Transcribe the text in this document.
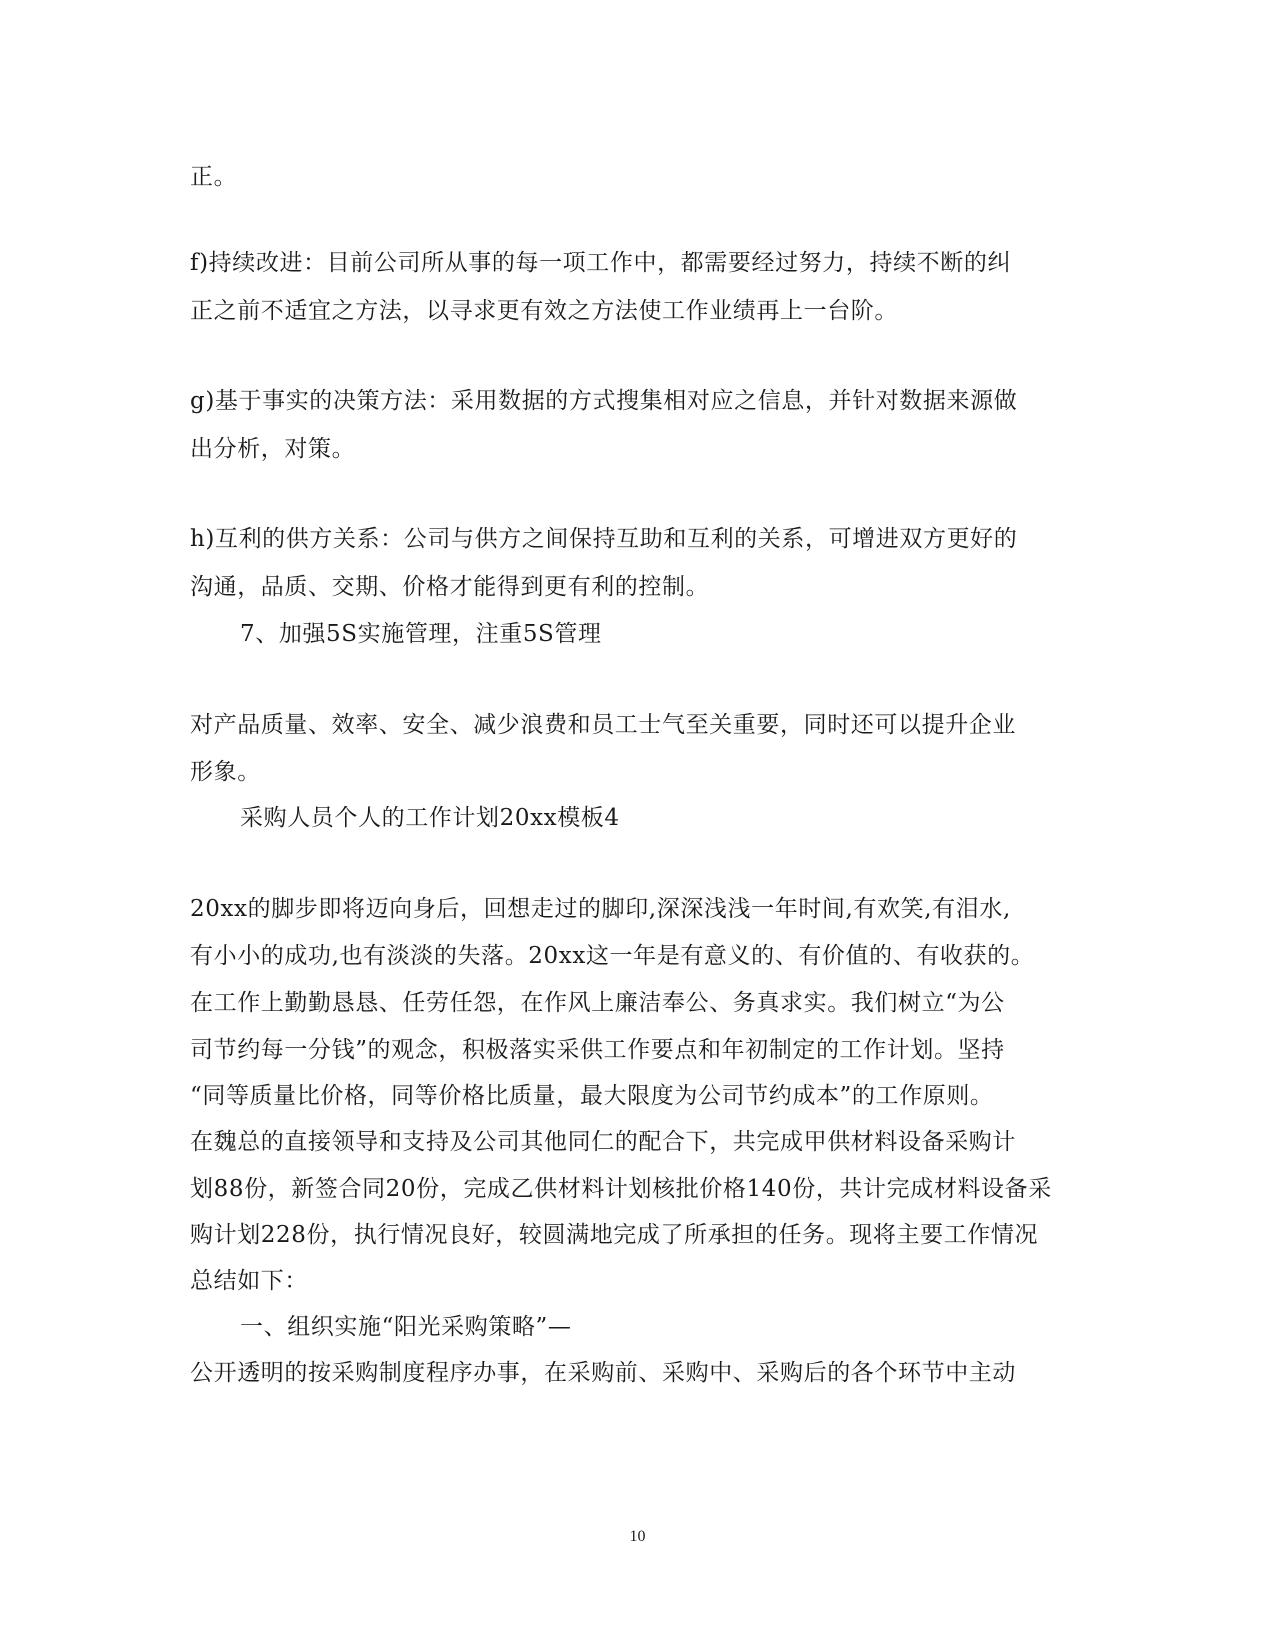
正。
f)持续改进：目前公司所从事的每一项工作中，都需要经过努力，持续不断的纠
正之前不适宜之方法，以寻求更有效之方法使工作业绩再上一台阶。
g)基于事实的决策方法：采用数据的方式搜集相对应之信息，并针对数据来源做
出分析，对策。
h)互利的供方关系：公司与供方之间保持互助和互利的关系，可增进双方更好的
沟通，品质、交期、价格才能得到更有利的控制。
7、加强5S实施管理，注重5S管理
对产品质量、效率、安全、减少浪费和员工士气至关重要，同时还可以提升企业
形象。
采购人员个人的工作计划20xx模板4
20xx的脚步即将迈向身后，回想走过的脚印,深深浅浅一年时间,有欢笑,有泪水,
有小小的成功,也有淡淡的失落。20xx这一年是有意义的、有价值的、有收获的。
在工作上勤勤恳恳、任劳任怨，在作风上廉洁奉公、务真求实。我们树立“为公
司节约每一分钱”的观念，积极落实采供工作要点和年初制定的工作计划。坚持
“同等质量比价格，同等价格比质量，最大限度为公司节约成本”的工作原则。
在魏总的直接领导和支持及公司其他同仁的配合下，共完成甲供材料设备采购计
划88份，新签合同20份，完成乙供材料计划核批价格140份，共计完成材料设备采
购计划228份，执行情况良好，较圆满地完成了所承担的任务。现将主要工作情况
总结如下：
一、组织实施“阳光采购策略”—
公开透明的按采购制度程序办事，在采购前、采购中、采购后的各个环节中主动
10
